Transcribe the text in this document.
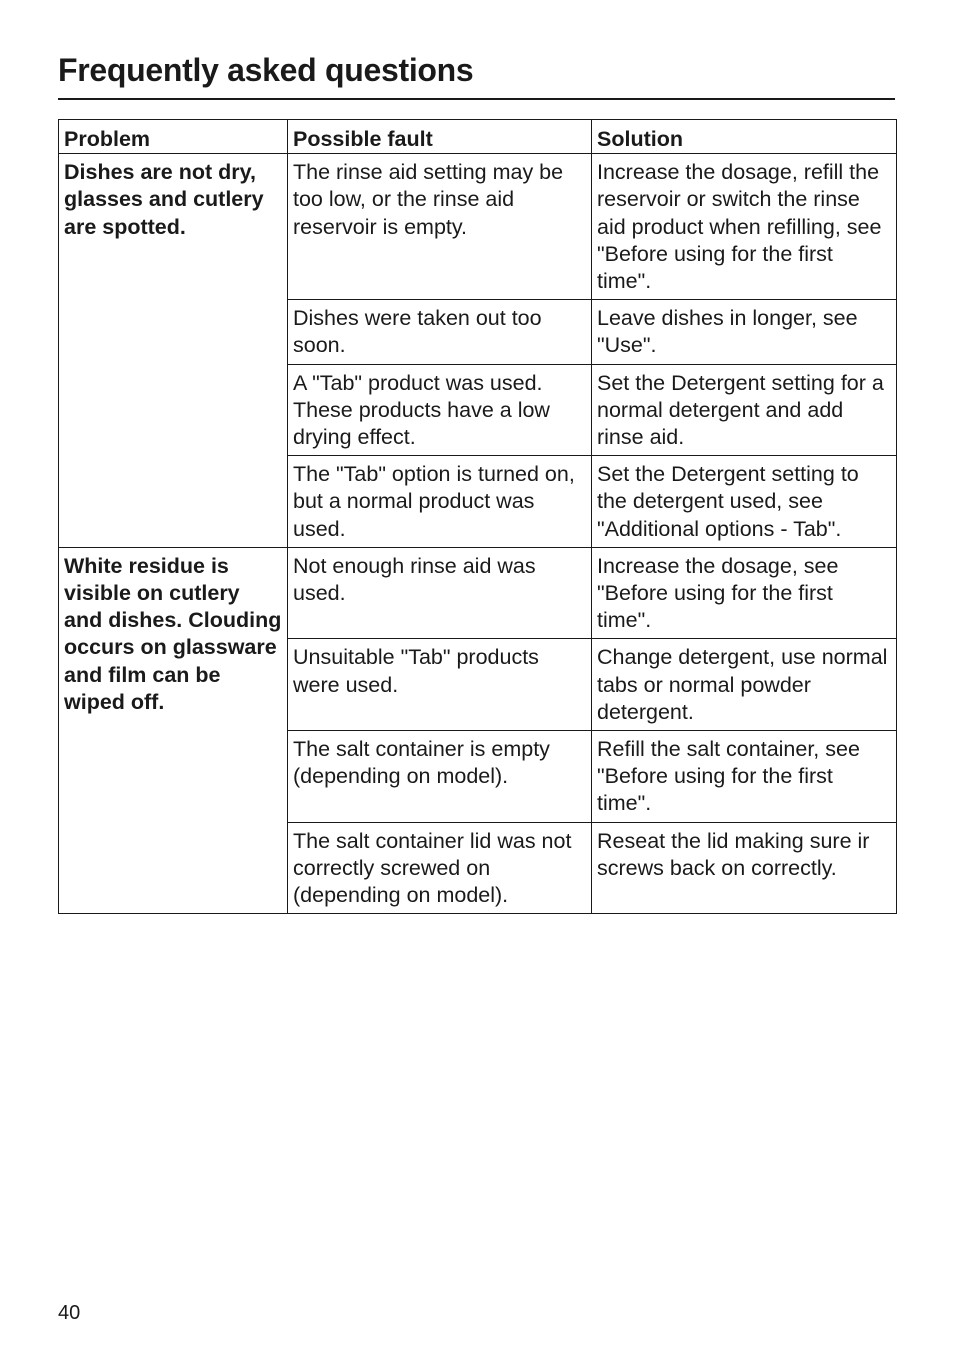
Frequently asked questions
Problem	Possible fault	Solution
Dishes are not dry, glasses and cutlery are spotted.	The rinse aid setting may be too low, or the rinse aid reservoir is empty.	Increase the dosage, refill the reservoir or switch the rinse aid product when refilling, see "Before using for the first time".
	Dishes were taken out too soon.	Leave dishes in longer, see "Use".
	A "Tab" product was used. These products have a low drying effect.	Set the Detergent setting for a normal detergent and add rinse aid.
	The "Tab" option is turned on, but a normal product was used.	Set the Detergent setting to the detergent used, see "Additional options - Tab".
White residue is visible on cutlery and dishes. Clouding occurs on glassware and film can be wiped off.	Not enough rinse aid was used.	Increase the dosage, see "Before using for the first time".
	Unsuitable "Tab" products were used.	Change detergent, use normal tabs or normal powder detergent.
	The salt container is empty (depending on model).	Refill the salt container, see "Before using for the first time".
	The salt container lid was not correctly screwed on (depending on model).	Reseat the lid making sure ir screws back on correctly.
40
